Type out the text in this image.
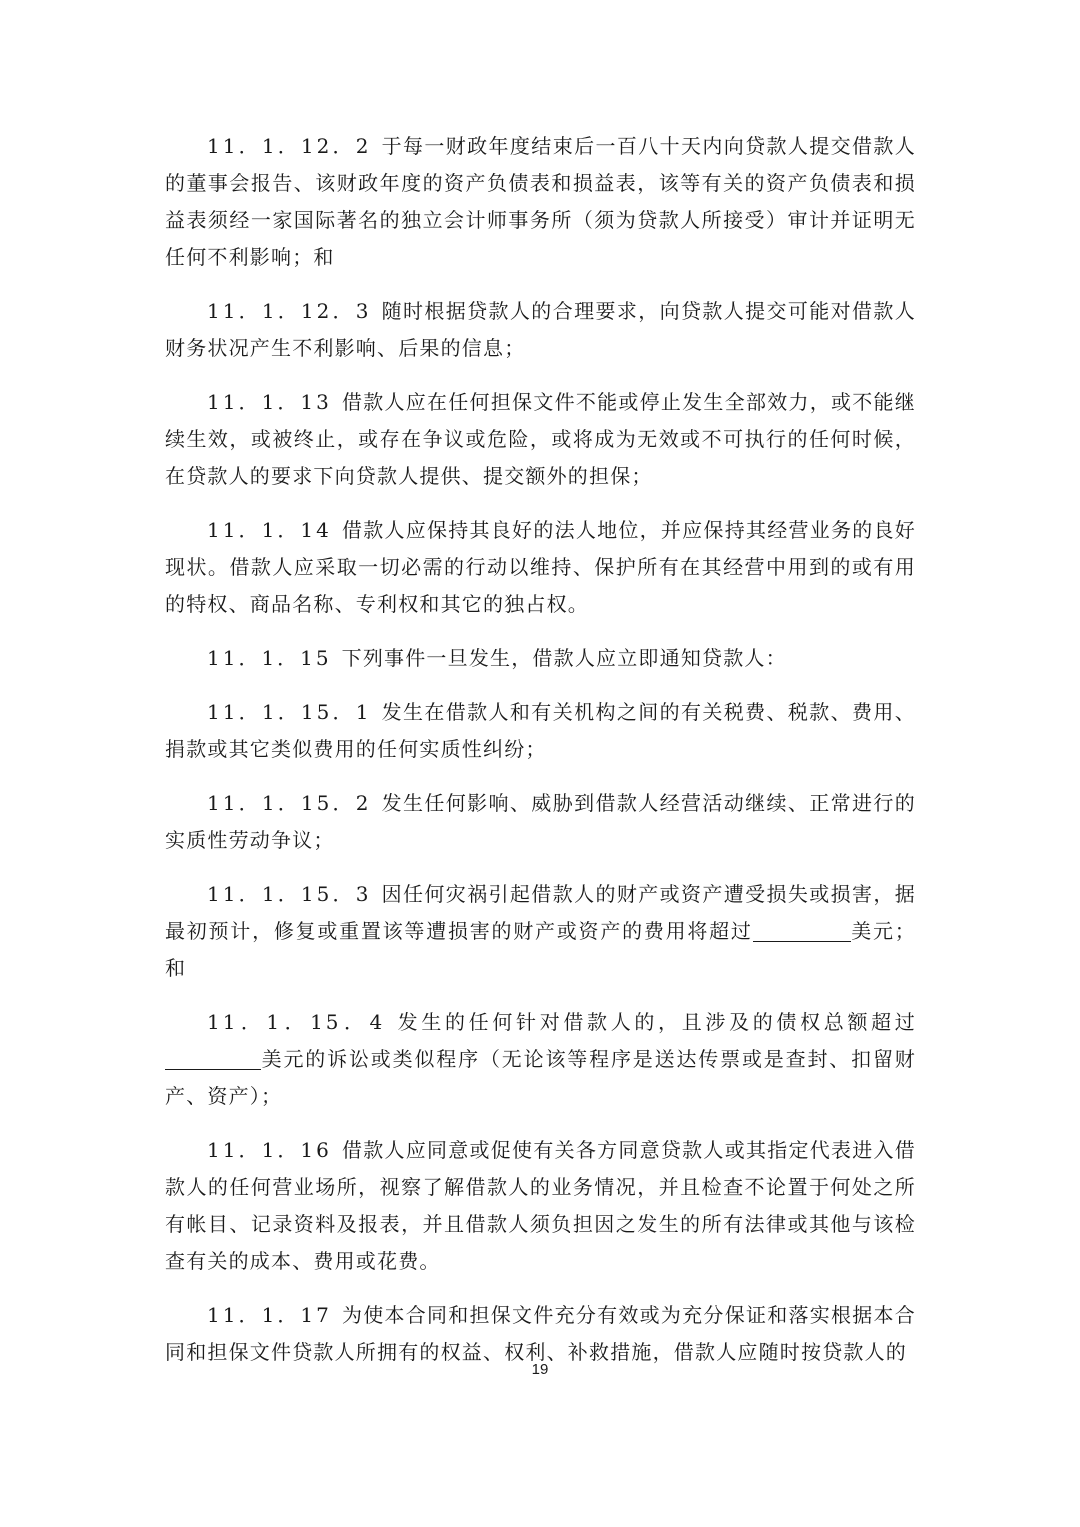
11．1．12．2 于每一财政年度结束后一百八十天内向贷款人提交借款人的董事会报告、该财政年度的资产负债表和损益表，该等有关的资产负债表和损益表须经一家国际著名的独立会计师事务所（须为贷款人所接受）审计并证明无任何不利影响；和

11．1．12．3 随时根据贷款人的合理要求，向贷款人提交可能对借款人财务状况产生不利影响、后果的信息；

11．1．13 借款人应在任何担保文件不能或停止发生全部效力，或不能继续生效，或被终止，或存在争议或危险，或将成为无效或不可执行的任何时候，在贷款人的要求下向贷款人提供、提交额外的担保；

11．1．14 借款人应保持其良好的法人地位，并应保持其经营业务的良好现状。借款人应采取一切必需的行动以维持、保护所有在其经营中用到的或有用的特权、商品名称、专利权和其它的独占权。

11．1．15 下列事件一旦发生，借款人应立即通知贷款人：

11．1．15．1 发生在借款人和有关机构之间的有关税费、税款、费用、捐款或其它类似费用的任何实质性纠纷；

11．1．15．2 发生任何影响、威胁到借款人经营活动继续、正常进行的实质性劳动争议；

11．1．15．3 因任何灾祸引起借款人的财产或资产遭受损失或损害，据最初预计，修复或重置该等遭损害的财产或资产的费用将超过	美元；和

11．1．15．4 发生的任何针对借款人的，且涉及的债权总额超过美元的诉讼或类似程序（无论该等程序是送达传票或是查封、扣留财产、资产）；

11．1．16 借款人应同意或促使有关各方同意贷款人或其指定代表进入借款人的任何营业场所，视察了解借款人的业务情况，并且检查不论置于何处之所有帐目、记录资料及报表，并且借款人须负担因之发生的所有法律或其他与该检查有关的成本、费用或花费。

11．1．17 为使本合同和担保文件充分有效或为充分保证和落实根据本合同和担保文件贷款人所拥有的权益、权利、补救措施，借款人应随时按贷款人的

19
